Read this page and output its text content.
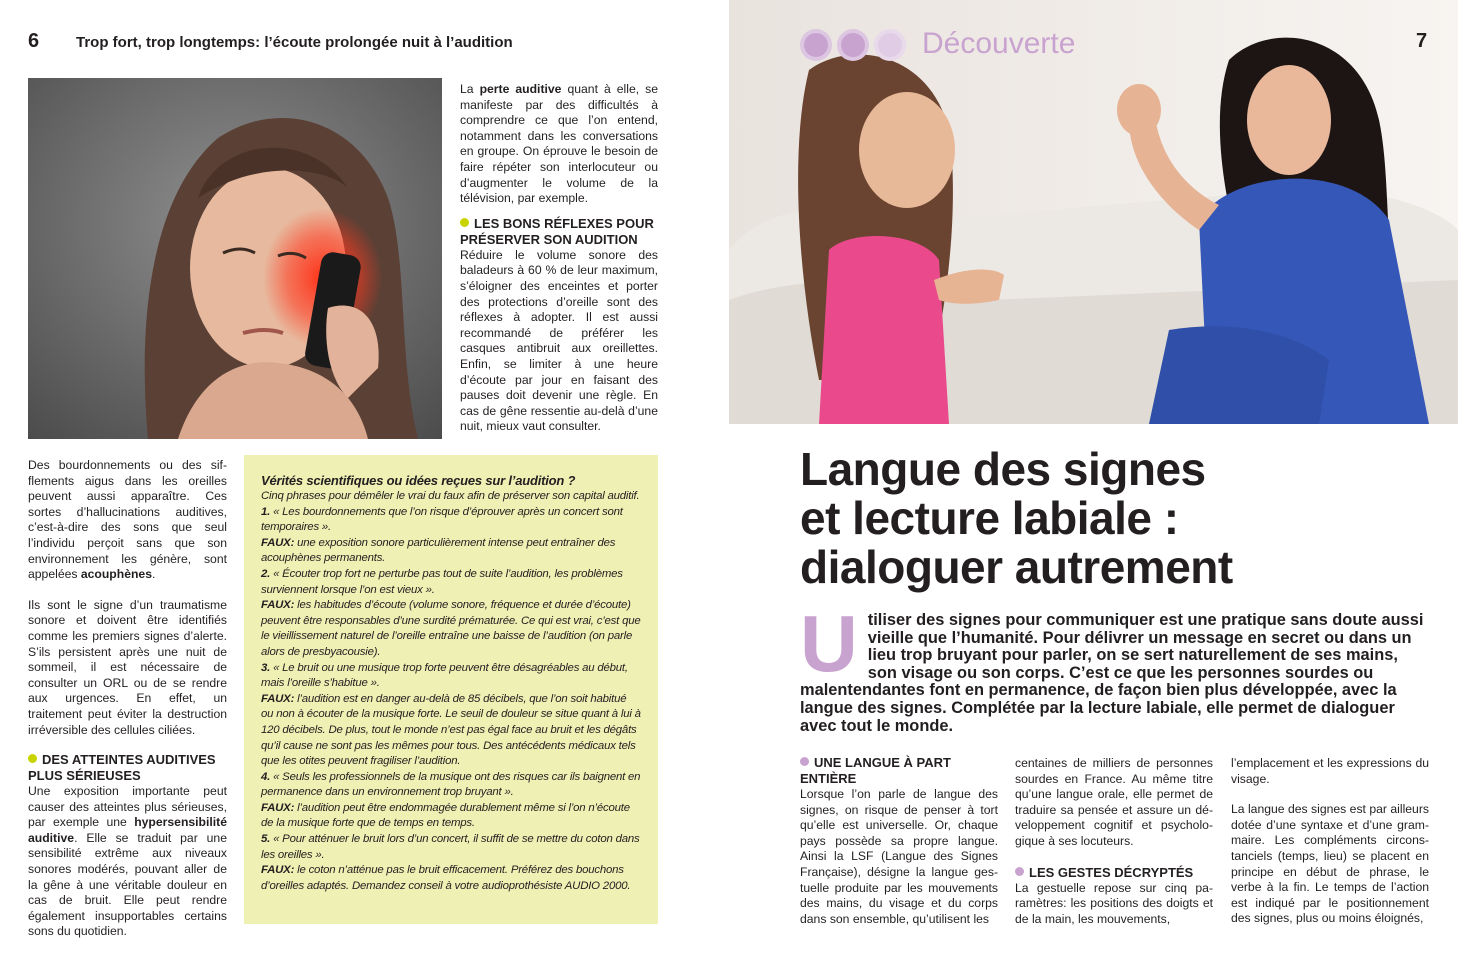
6 Trop fort, trop longtemps: l’écoute prolongée nuit à l’audition

La perte auditive quant à elle, se manifeste par des difficultés à comprendre ce que l’on entend, notamment dans les conversations en groupe. On éprouve le besoin de faire répéter son interlocuteur ou d’augmenter le volume de la télévision, par exemple.

LES BONS RÉFLEXES POUR PRÉSERVER SON AUDITION

Réduire le volume sonore des baladeurs à 60 % de leur maximum, s’éloigner des enceintes et porter des protections d’oreille sont des réflexes à adopter. Il est aussi recommandé de préférer les casques antibruit aux oreillettes. Enfin, se limiter à une heure d’écoute par jour en faisant des pauses doit devenir une règle. En cas de gêne ressentie au-delà d’une nuit, mieux vaut consulter.

Des bourdonnements ou des sifflements aigus dans les oreilles peuvent aussi apparaître. Ces sortes d’hallucinations auditives, c’est-à-dire des sons que seul l’individu perçoit sans que son environnement les génère, sont appelées acouphènes.

Ils sont le signe d’un traumatisme sonore et doivent être identifiés comme les premiers signes d’alerte. S’ils persistent après une nuit de sommeil, il est nécessaire de consulter un ORL ou de se rendre aux urgences. En effet, un traitement peut éviter la destruction irréversible des cellules ciliées.

DES ATTEINTES AUDITIVES PLUS SÉRIEUSES

Une exposition importante peut causer des atteintes plus sérieuses, par exemple une hypersensibilité auditive. Elle se traduit par une sensibilité extrême aux niveaux sonores modérés, pouvant aller de la gêne à une véritable douleur en cas de bruit. Elle peut rendre également insupportables certains sons du quotidien.

Vérités scientifiques ou idées reçues sur l’audition ?

Cinq phrases pour démêler le vrai du faux afin de préserver son capital auditif.

1. « Les bourdonnements que l’on risque d’éprouver après un concert sont temporaires ».

FAUX: une exposition sonore particulièrement intense peut entraîner des acouphènes permanents.

2. « Écouter trop fort ne perturbe pas tout de suite l’audition, les problèmes surviennent lorsque l’on est vieux ».

FAUX: les habitudes d’écoute (volume sonore, fréquence et durée d’écoute) peuvent être responsables d’une surdité prématurée. Ce qui est vrai, c’est que le vieillissement naturel de l’oreille entraîne une baisse de l’audition (on parle alors de presbyacousie).

3. « Le bruit ou une musique trop forte peuvent être désagréables au début, mais l’oreille s’habitue ».

FAUX: l’audition est en danger au-delà de 85 décibels, que l’on soit habitué ou non à écouter de la musique forte. Le seuil de douleur se situe quant à lui à 120 décibels. De plus, tout le monde n’est pas égal face au bruit et les dégâts qu’il cause ne sont pas les mêmes pour tous. Des antécédents médicaux tels que les otites peuvent fragiliser l’audition.

4. « Seuls les professionnels de la musique ont des risques car ils baignent en permanence dans un environnement trop bruyant ».

FAUX: l’audition peut être endommagée durablement même si l’on n’écoute de la musique forte que de temps en temps.

5. « Pour atténuer le bruit lors d’un concert, il suffit de se mettre du coton dans les oreilles ».

FAUX: le coton n’atténue pas le bruit efficacement. Préférez des bouchons d’oreilles adaptés. Demandez conseil à votre audioprothésiste AUDIO 2000.

Découverte	7
Langue des signes
et lecture labiale :
dialoguer autrement
U tiliser des signes pour communiquer est une pratique sans doute aussi vieille que l’humanité. Pour délivrer un message en secret ou dans un lieu trop bruyant pour parler, on se sert naturellement de ses mains, son visage ou son corps. C’est ce que les personnes sourdes ou malentendantes font en permanence, de façon bien plus développée, avec la langue des signes. Complétée par la lecture labiale, elle permet de dialoguer avec tout le monde.

UNE LANGUE À PART ENTIÈRE

Lorsque l’on parle de langue des signes, on risque de penser à tort qu’elle est universelle. Or, chaque pays possède sa propre langue. Ainsi la LSF (Langue des Signes Française), désigne la langue gestuelle produite par les mouvements des mains, du visage et du corps dans son ensemble, qu’utilisent les

centaines de milliers de personnes sourdes en France. Au même titre qu’une langue orale, elle permet de traduire sa pensée et assure un développement cognitif et psychologique à ses locuteurs.

LES GESTES DÉCRYPTÉS

La gestuelle repose sur cinq paramètres: les positions des doigts et de la main, les mouvements,

l’emplacement et les expressions du visage.

La langue des signes est par ailleurs dotée d’une syntaxe et d’une grammaire. Les compléments circonstanciels (temps, lieu) se placent en principe en début de phrase, le verbe à la fin. Le temps de l’action est indiqué par le positionnement des signes, plus ou moins éloignés,
